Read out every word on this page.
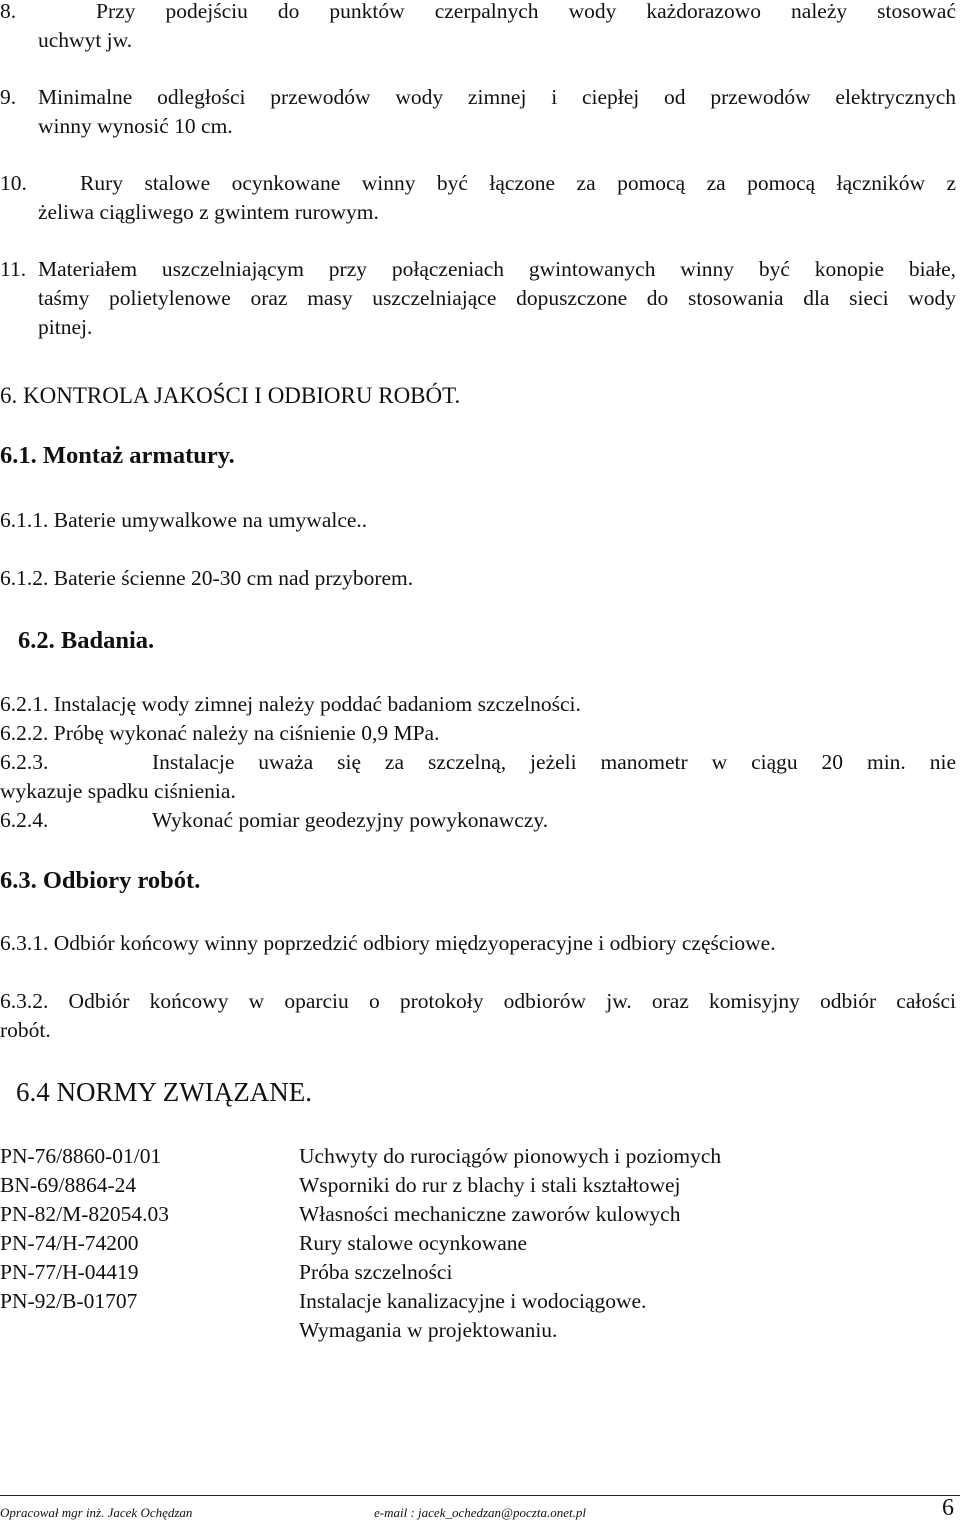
8.	Przy podejściu do punktów czerpalnych wody każdorazowo należy stosować
uchwyt jw.
9. Minimalne odległości przewodów wody zimnej i ciepłej od przewodów elektrycznych
winny wynosić 10 cm.
10. Rury stalowe ocynkowane winny być łączone za pomocą za pomocą łączników z
żeliwa ciągliwego z gwintem rurowym.
11. Materiałem uszczelniającym przy połączeniach gwintowanych winny być konopie białe,
taśmy polietylenowe oraz masy uszczelniające dopuszczone do stosowania dla sieci wody
pitnej.
6. KONTROLA JAKOŚCI I ODBIORU ROBÓT.
6.1. Montaż armatury.
6.1.1. Baterie umywalkowe na umywalce..
6.1.2. Baterie ścienne 20-30 cm nad przyborem.
6.2. Badania.
6.2.1. Instalację wody zimnej należy poddać badaniom szczelności.
6.2.2. Próbę wykonać należy na ciśnienie 0,9 MPa.
6.2.3.	Instalacje uważa się za szczelną, jeżeli manometr w ciągu 20 min. nie
wykazuje spadku ciśnienia.
6.2.4.	Wykonać pomiar geodezyjny powykonawczy.
6.3. Odbiory robót.
6.3.1. Odbiór końcowy winny poprzedzić odbiory międzyoperacyjne i odbiory częściowe.
6.3.2. Odbiór końcowy w oparciu o protokoły odbiorów jw. oraz komisyjny odbiór całości
robót.
6.4 NORMY ZWIĄZANE.
PN-76/8860-01/01	Uchwyty do rurociągów pionowych i poziomych
BN-69/8864-24	Wsporniki do rur z blachy i stali kształtowej
PN-82/M-82054.03	Własności mechaniczne zaworów kulowych
PN-74/H-74200	Rury stalowe ocynkowane
PN-77/H-04419	Próba szczelności
PN-92/B-01707	Instalacje kanalizacyjne i wodociągowe.
Wymagania w projektowaniu.
Opracował mgr inż. Jacek Ochędzan	e-mail : jacek_ochedzan@poczta.onet.pl	6
